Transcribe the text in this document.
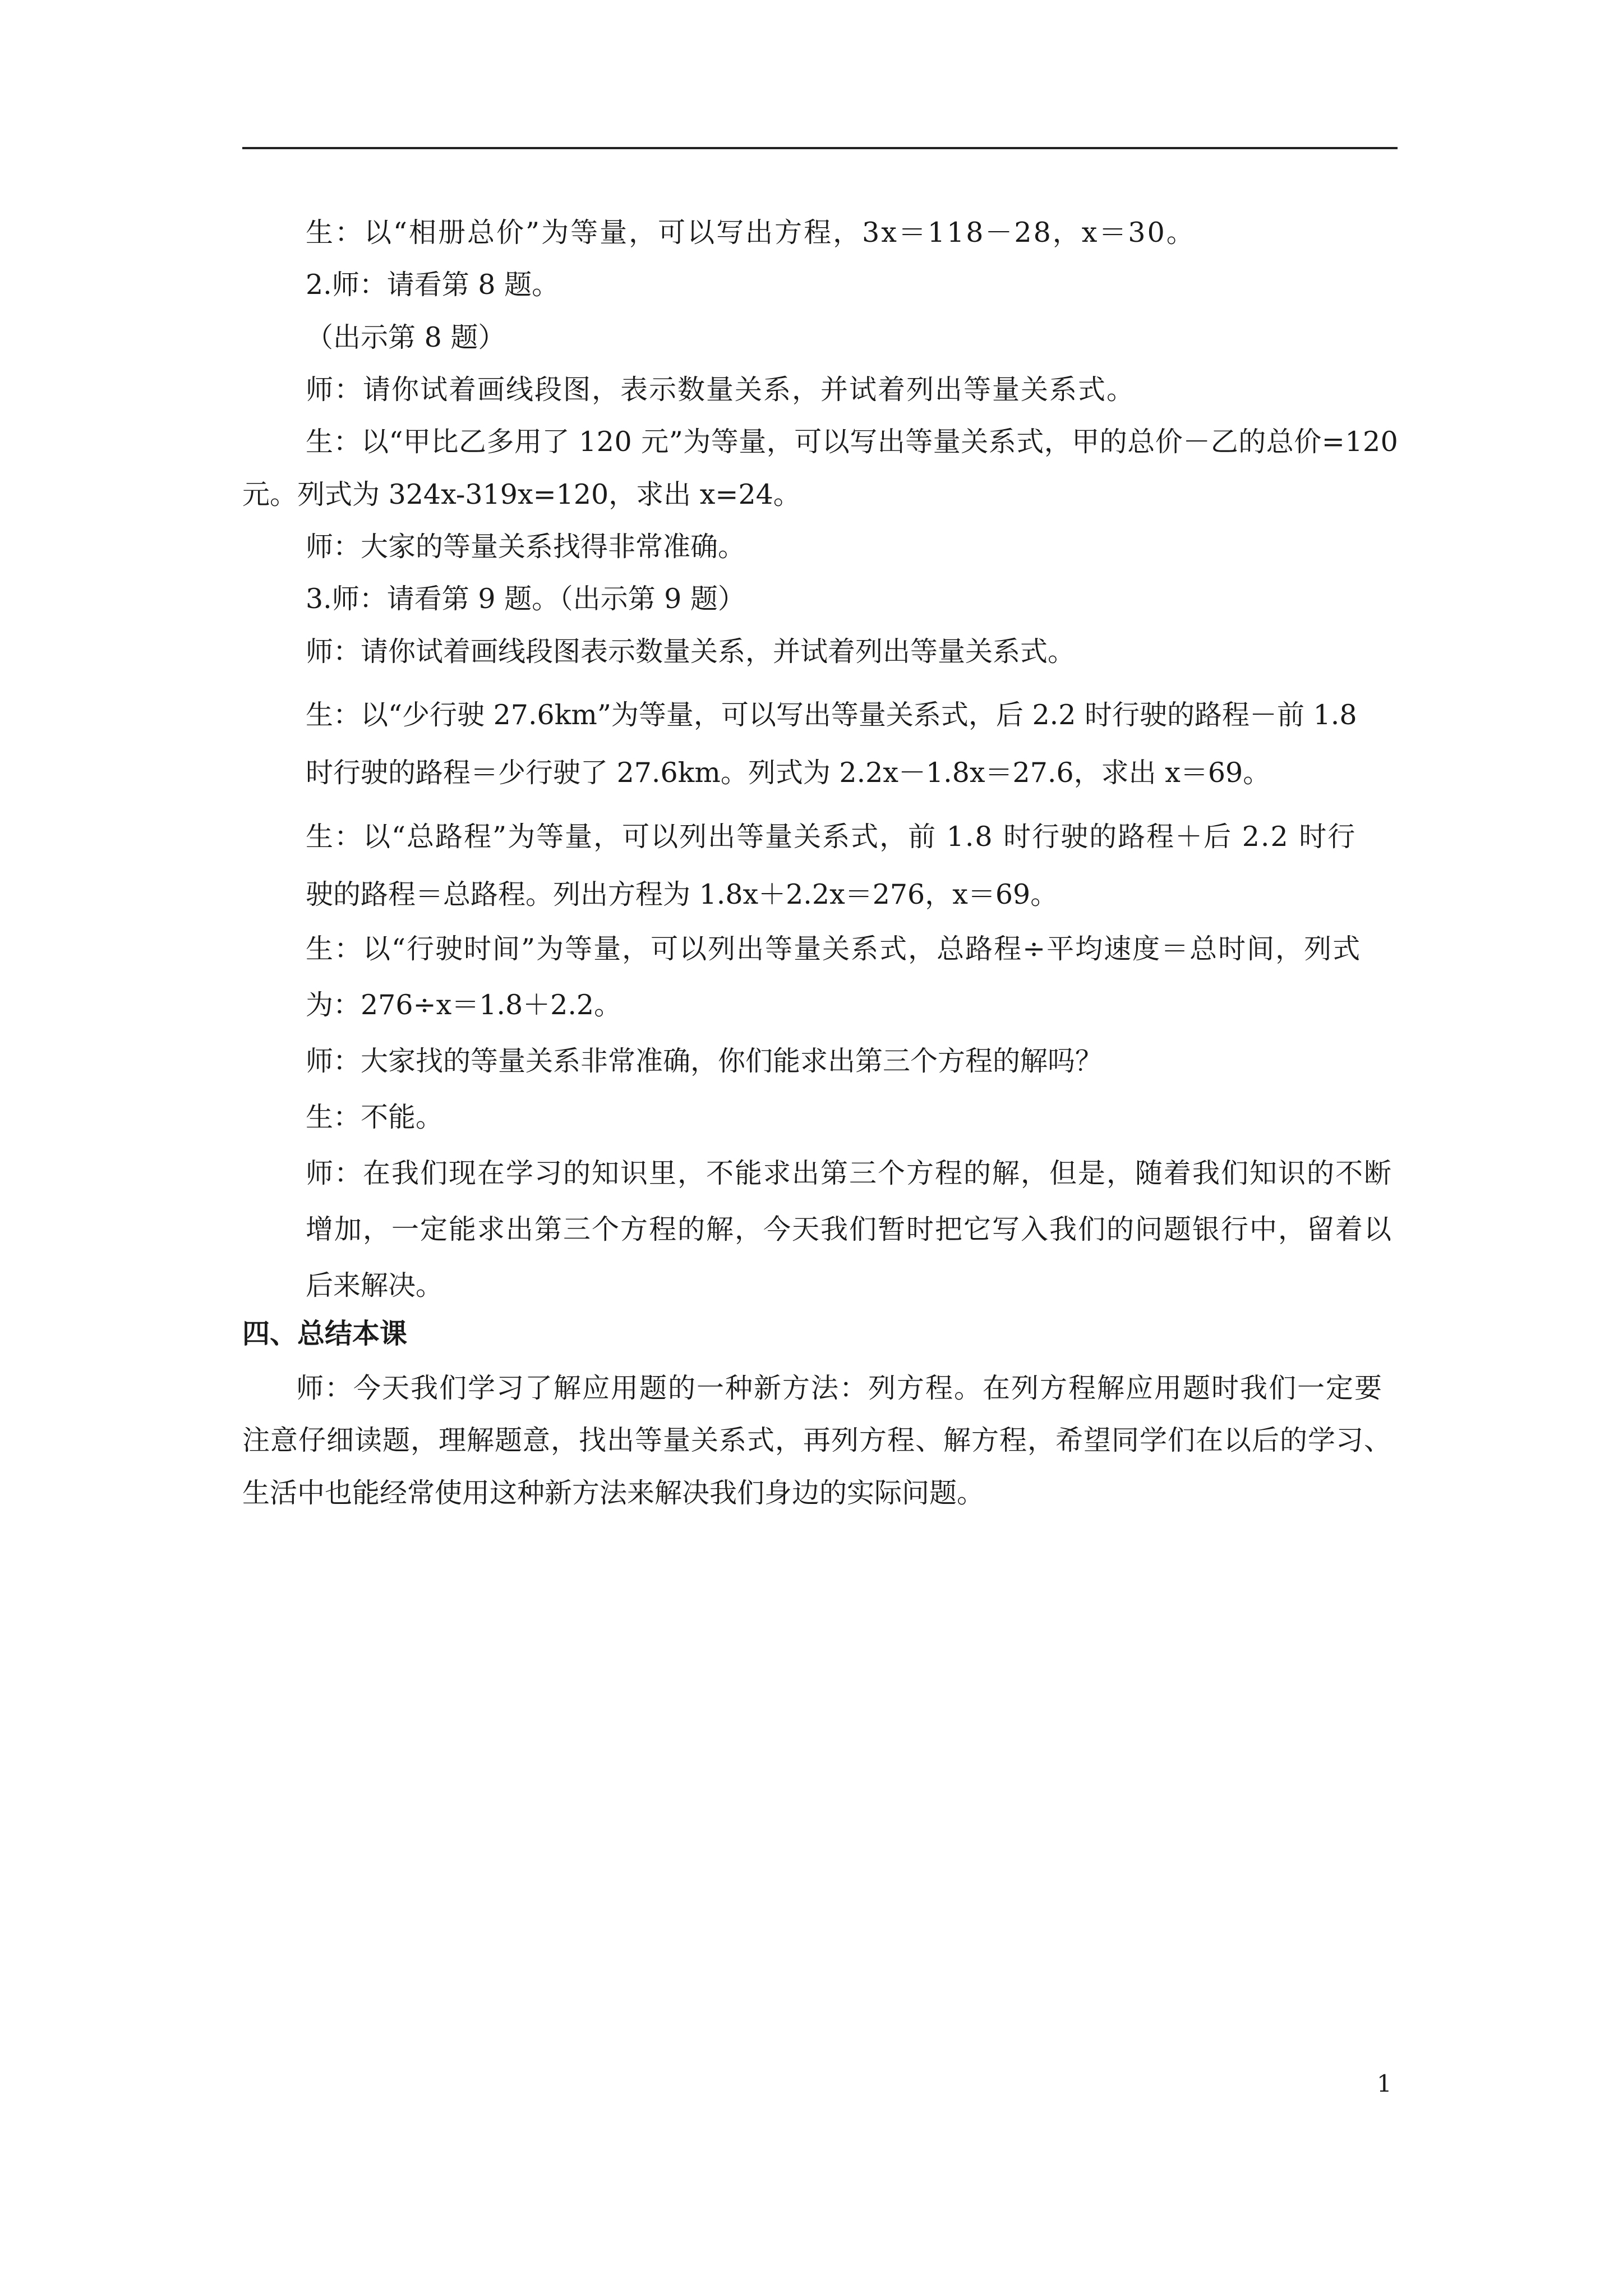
生：以“相册总价”为等量，可以写出方程，3x＝118－28，x＝30。
2.师：请看第 8 题。
（出示第 8 题）
师：请你试着画线段图，表示数量关系，并试着列出等量关系式。
生：以“甲比乙多用了 120 元”为等量，可以写出等量关系式，甲的总价－乙的总价=120
元。列式为 324x-319x=120，求出 x=24。
师：大家的等量关系找得非常准确。
3.师：请看第 9 题。（出示第 9 题）
师：请你试着画线段图表示数量关系，并试着列出等量关系式。
生：以“少行驶 27.6km”为等量，可以写出等量关系式，后 2.2 时行驶的路程－前 1.8
时行驶的路程＝少行驶了 27.6km。列式为 2.2x－1.8x＝27.6，求出 x＝69。
生：以“总路程”为等量，可以列出等量关系式，前 1.8 时行驶的路程＋后 2.2 时行
驶的路程＝总路程。列出方程为 1.8x＋2.2x＝276，x＝69。
生：以“行驶时间”为等量，可以列出等量关系式，总路程÷平均速度＝总时间，列式
为：276÷x＝1.8＋2.2。
师：大家找的等量关系非常准确，你们能求出第三个方程的解吗？
生：不能。
师：在我们现在学习的知识里，不能求出第三个方程的解，但是，随着我们知识的不断
增加，一定能求出第三个方程的解，今天我们暂时把它写入我们的问题银行中，留着以
后来解决。
四、总结本课
师：今天我们学习了解应用题的一种新方法：列方程。在列方程解应用题时我们一定要
注意仔细读题，理解题意，找出等量关系式，再列方程、解方程，希望同学们在以后的学习、
生活中也能经常使用这种新方法来解决我们身边的实际问题。
1
